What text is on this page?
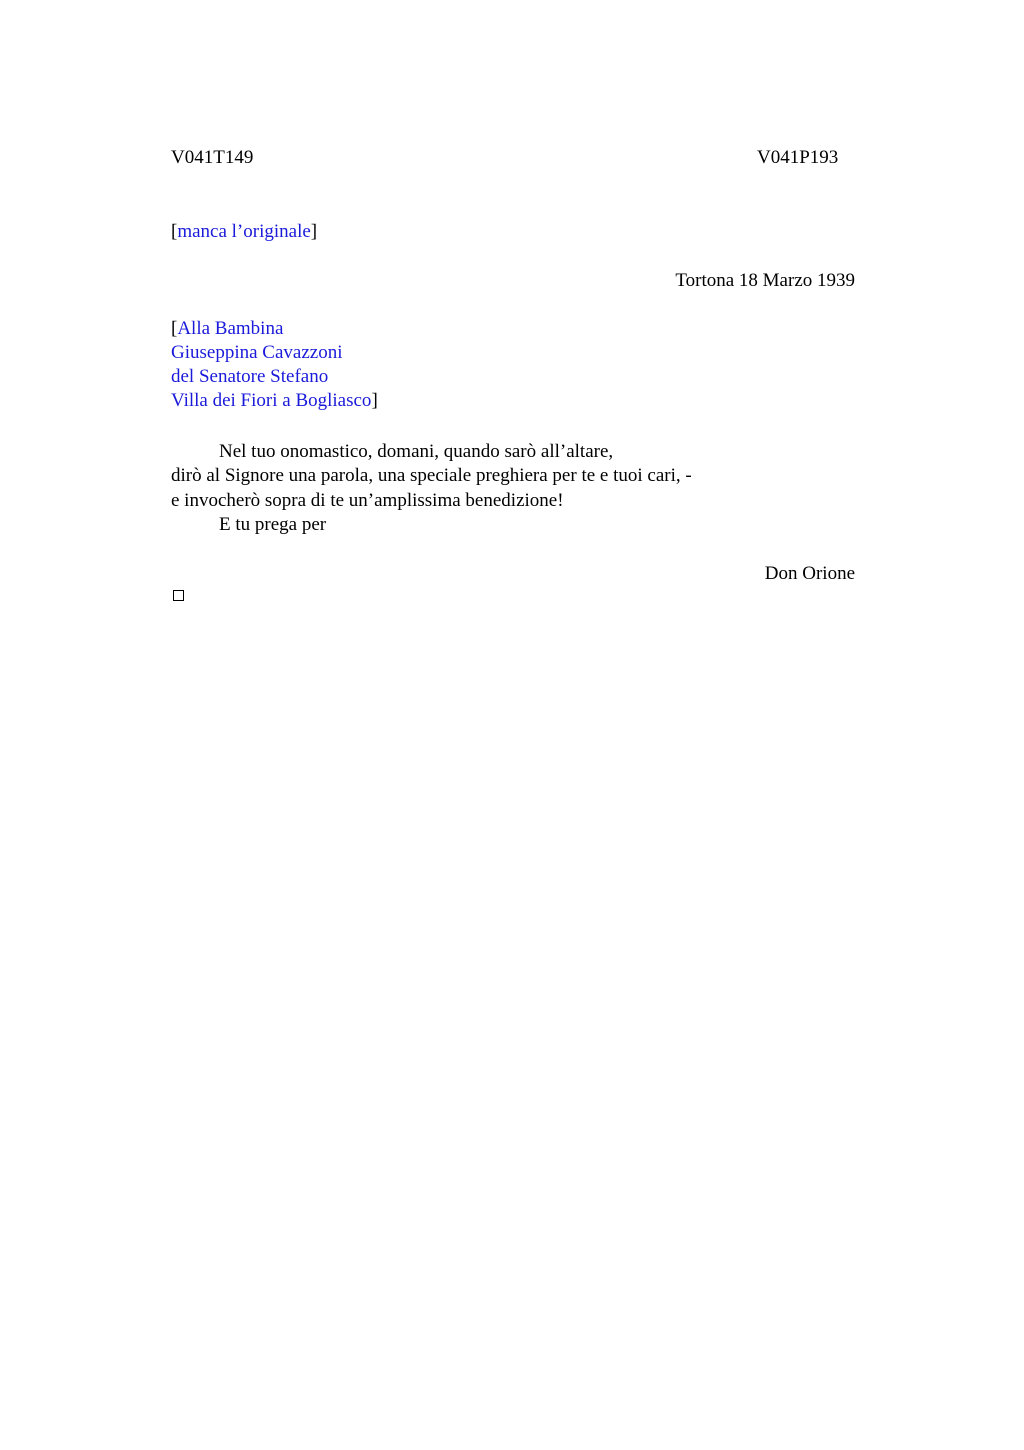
V041T149	V041P193
[manca l’originale]
Tortona 18 Marzo 1939
[Alla Bambina
Giuseppina Cavazzoni
del Senatore Stefano
Villa dei Fiori a Bogliasco]
Nel tuo onomastico, domani, quando sarò all’altare,
dirò al Signore una parola, una speciale preghiera per te e tuoi cari, -
e invocherò sopra di te un’amplissima benedizione!
E tu prega per
Don Orione
